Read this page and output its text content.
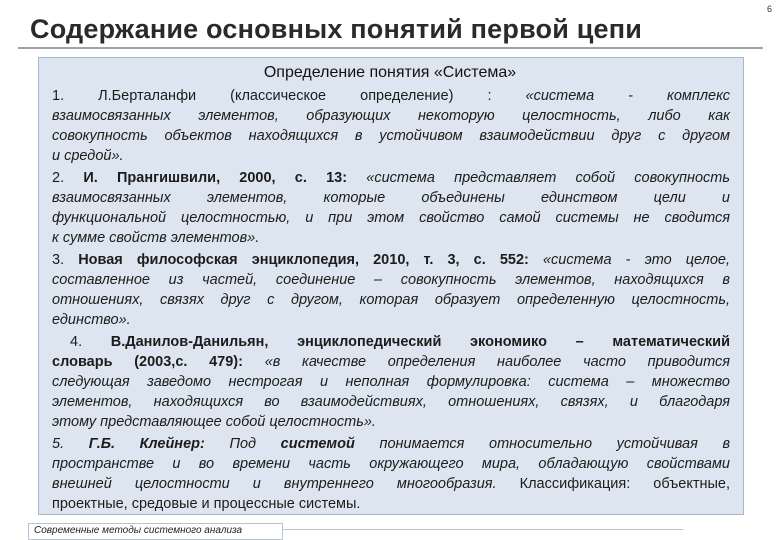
Содержание основных понятий первой цепи
6
Определение понятия «Система»
1. Л.Берталанфи (классическое определение) : «система - комплекс
взаимосвязанных элементов, образующих некоторую целостность, либо как
совокупность объектов находящихся в устойчивом взаимодействии друг с другом
и средой».
2. И. Прангишвили, 2000, с. 13: «система представляет собой совокупность
взаимосвязанных элементов, которые объединены единством цели и
функциональной целостностью, и при этом свойство самой системы не сводится
к сумме свойств элементов».
3. Новая философская энциклопедия, 2010, т. 3, с. 552: «система - это целое,
составленное из частей, соединение – совокупность элементов, находящихся в
отношениях, связях друг с другом, которая образует определенную целостность,
единство».
4. В.Данилов-Данильян, энциклопедический экономико – математический
словарь (2003,с. 479): «в качестве определения наиболее часто приводится
следующая заведомо нестрогая и неполная формулировка: система – множество
элементов, находящихся во взаимодействиях, отношениях, связях, и благодаря
этому представляющее собой целостность».
5. Г.Б. Клейнер: Под системой понимается относительно устойчивая в
пространстве и во времени часть окружающего мира, обладающую свойствами
внешней целостности и внутреннего многообразия. Классификация: объектные,
проектные, средовые и процессные системы.
Современные методы системного анализа
